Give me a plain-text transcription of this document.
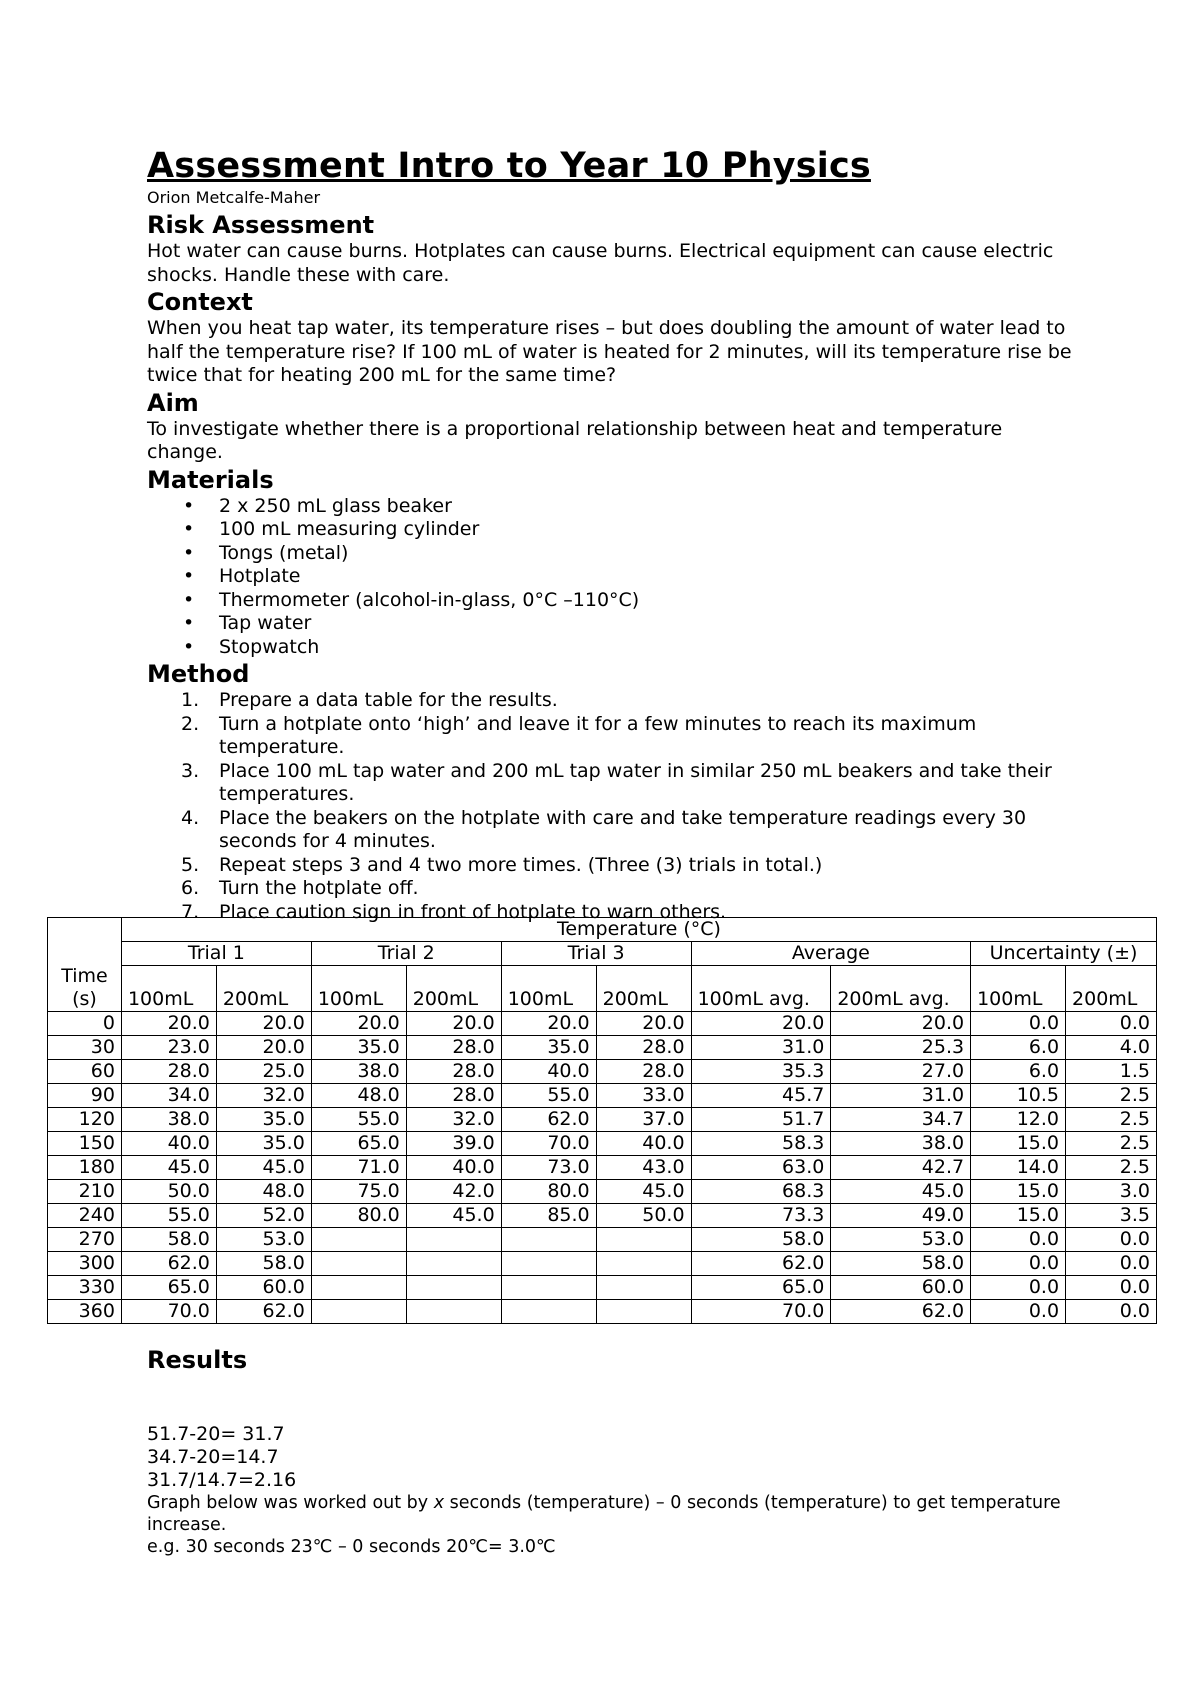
Assessment Intro to Year 10 Physics
Orion Metcalfe-Maher
Risk Assessment

Hot water can cause burns. Hotplates can cause burns. Electrical equipment can cause electric shocks. Handle these with care.

Context

When you heat tap water, its temperature rises – but does doubling the amount of water lead to half the temperature rise? If 100 mL of water is heated for 2 minutes, will its temperature rise be twice that for heating 200 mL for the same time?

Aim

To investigate whether there is a proportional relationship between heat and temperature change.

Materials
• 2 x 250 mL glass beaker
• 100 mL measuring cylinder
• Tongs (metal)
• Hotplate
• Thermometer (alcohol-in-glass, 0°C –110°C)
• Tap water
• Stopwatch
Method
1. Prepare a data table for the results.
2. Turn a hotplate onto ‘high’ and leave it for a few minutes to reach its maximum temperature.
3. Place 100 mL tap water and 200 mL tap water in similar 250 mL beakers and take their temperatures.
4. Place the beakers on the hotplate with care and take temperature readings every 30 seconds for 4 minutes.
5. Repeat steps 3 and 4 two more times. (Three (3) trials in total.)
6. Turn the hotplate off.
7. Place caution sign in front of hotplate to warn others.
Time (s)	Temperature (°C)									
	Trial 1		Trial 2		Trial 3		Average		Uncertainty (±)	
	100mL	200mL	100mL	200mL	100mL	200mL	100mL avg.	200mL avg.	100mL	200mL
0	20.0	20.0	20.0	20.0	20.0	20.0	20.0	20.0	0.0	0.0
30	23.0	20.0	35.0	28.0	35.0	28.0	31.0	25.3	6.0	4.0
60	28.0	25.0	38.0	28.0	40.0	28.0	35.3	27.0	6.0	1.5
90	34.0	32.0	48.0	28.0	55.0	33.0	45.7	31.0	10.5	2.5
120	38.0	35.0	55.0	32.0	62.0	37.0	51.7	34.7	12.0	2.5
150	40.0	35.0	65.0	39.0	70.0	40.0	58.3	38.0	15.0	2.5
180	45.0	45.0	71.0	40.0	73.0	43.0	63.0	42.7	14.0	2.5
210	50.0	48.0	75.0	42.0	80.0	45.0	68.3	45.0	15.0	3.0
240	55.0	52.0	80.0	45.0	85.0	50.0	73.3	49.0	15.0	3.5
270	58.0	53.0					58.0	53.0	0.0	0.0
300	62.0	58.0					62.0	58.0	0.0	0.0
330	65.0	60.0					65.0	60.0	0.0	0.0
360	70.0	62.0					70.0	62.0	0.0	0.0
Results

51.7-20= 31.7

34.7-20=14.7

31.7/14.7=2.16

Graph below was worked out by x seconds (temperature) – 0 seconds (temperature) to get temperature increase.

e.g. 30 seconds 23℃ – 0 seconds 20℃= 3.0℃
